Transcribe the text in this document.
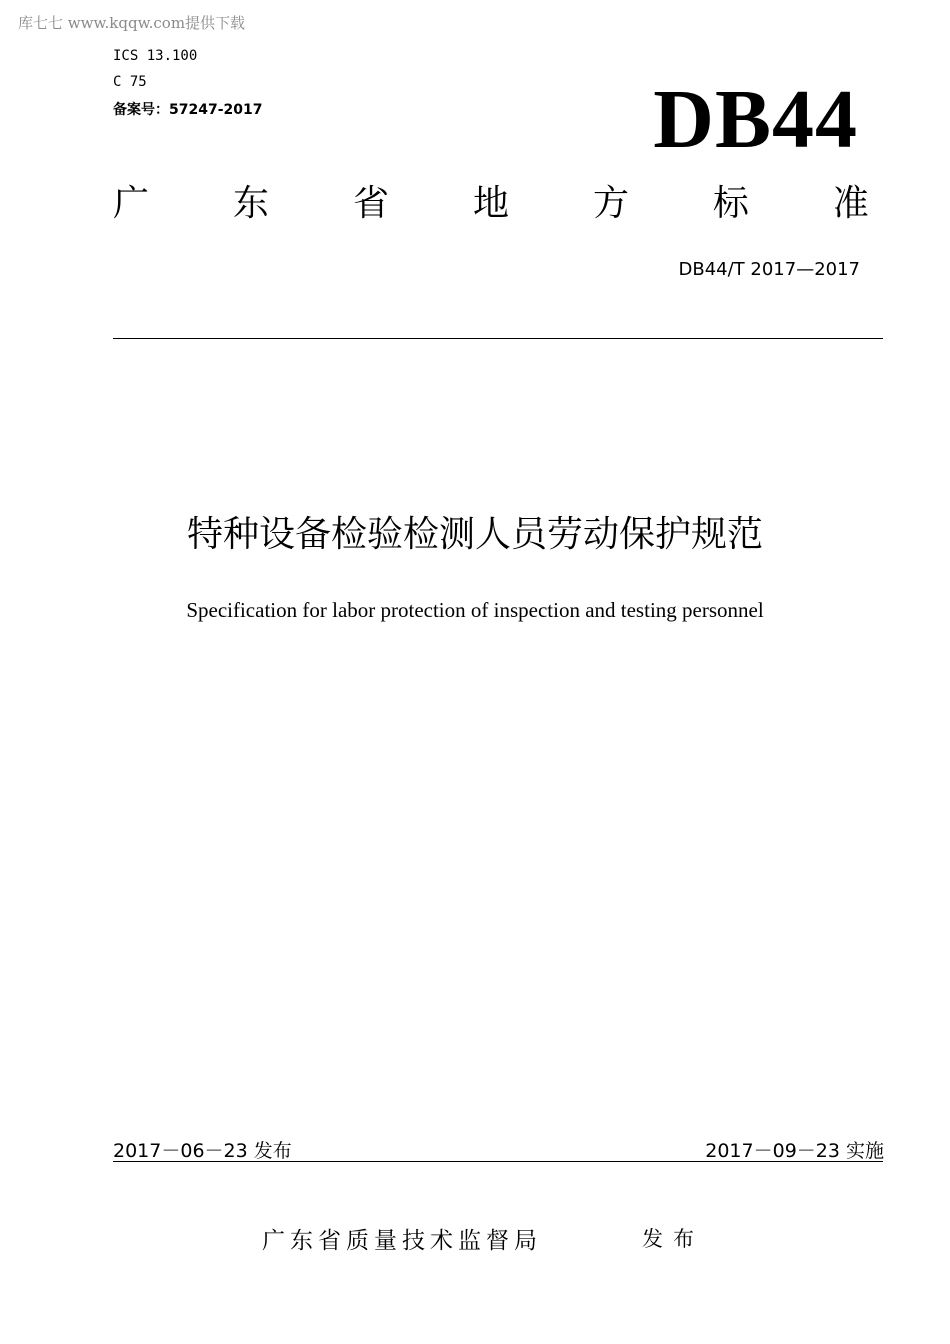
库七七 www.kqqw.com提供下载
ICS 13.100
C 75
备案号：57247-2017	DB44
广 东 省 地 方 标 准
DB44/T 2017—2017
特种设备检验检测人员劳动保护规范
Specification for labor protection of inspection and testing personnel
2017－06－23 发布	2017－09－23 实施
广东省质量技术监督局	发布
